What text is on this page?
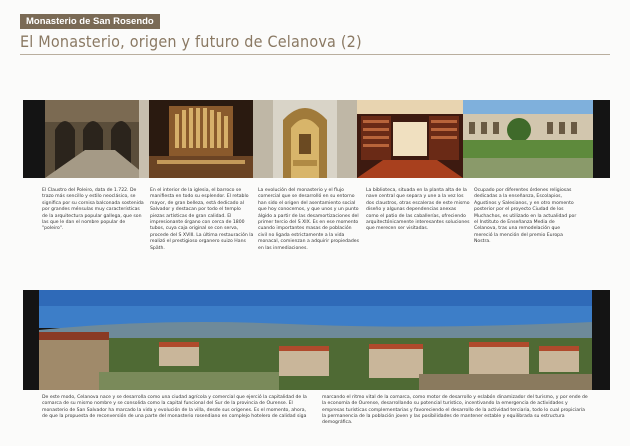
Monasterio de San Rosendo
El Monasterio, origen y futuro de Celanova (2)
El Claustro del Poleiro, data de 1.722. De trazo más sencillo y estilo neoclásico, se significa por su cornisa balconada sostenida por grandes ménsulas muy características de la arquitectura popular gallega, que son las que le dan el nombre popular de "poleiro".
En el interior de la iglesia, el barroco se manifiesta en todo su esplendor. El retablo mayor, de gran belleza, está dedicado al Salvador y destacan por todo el templo piezas artísticas de gran calidad. El impresionante órgano con cerca de 1800 tubos, cuya caja original se con serva, procede del S XVIII. La última restauración la realizó el prestigioso organero suizo Hans Späth.
La evolución del monasterio y el flujo comercial que se desarrolló en su entorno han sido el origen del asentamiento social que hoy conocemos, y que unos y un punto álgido a partir de las desamortizaciones del primer tercio del S XIX. Es en ese momento cuando importantes masas de población civil no ligada estrictamente a la vida monacal, comienzan a adquirir propiedades en las inmediaciones.
La biblioteca, situada en la planta alta de la nave central que separa y une a la vez los dos claustros, otras escaleras de este mismo diseño y algunas dependencias anexas como el patio de las caballerías, ofreciendo arquitectónicamente interesantes soluciones que merecen ser visitadas.
Ocupado por diferentes órdenes religiosas dedicadas a la enseñanza, Escolapios, Agustinos y Salesianos, y en otro momento posterior por el proyecto Ciudad de los Muchachos, es utilizado en la actualidad por el Instituto de Enseñanza Media de Celanova, tras una remodelación que mereció la mención del premio Europa Nostra.
De este modo, Celanova nace y se desarrolla como una ciudad agrícola y comercial que ejerció la capitalidad de la comarca de su mismo nombre y se consolida como la capital funcional del Sur de la provincia de Ourense. El monasterio de San Salvador ha marcado la vida y evolución de la villa, desde sus orígenes. Es el momento, ahora, de que la propuesta de reconversión de una parte del monasterio rosendiano en complejo hotelero de calidad siga
marcando el ritmo vital de la comarca, como motor de desarrollo y eslabón dinamizador del turismo, y por ende de la economía de Ourense, desarrollando su potencial turístico, incentivando la emergencia de actividades y empresas turísticas complementarias y favoreciendo el desarrollo de la actividad terciaria, todo lo cual propiciaría la permanencia de la población joven y las posibilidades de mantener estable y equilibrada su estructura demográfica.
